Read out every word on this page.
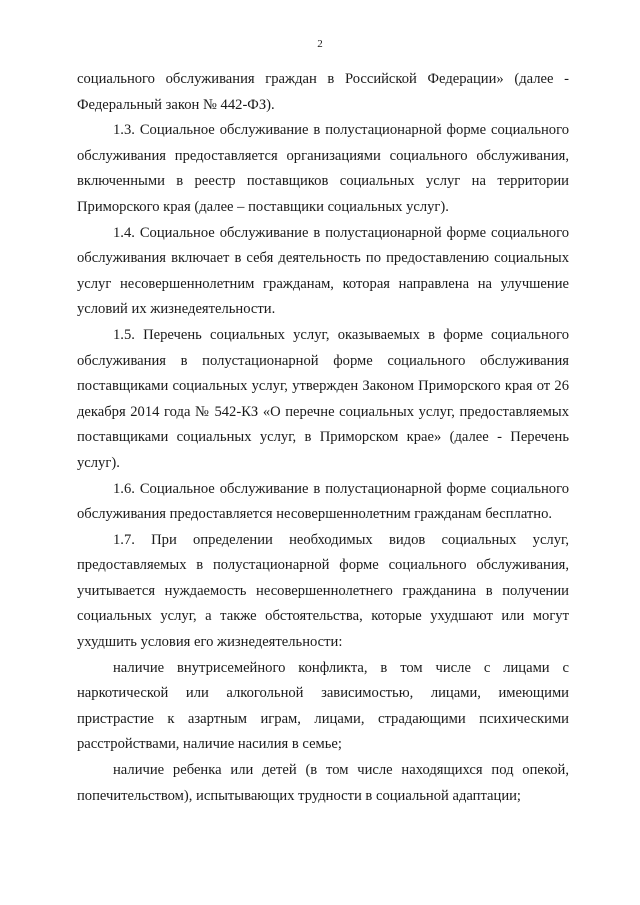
2

социального обслуживания граждан в Российской Федерации» (далее - Федеральный закон № 442-ФЗ).

1.3. Социальное обслуживание в полустационарной форме социального обслуживания предоставляется организациями социального обслуживания, включенными в реестр поставщиков социальных услуг на территории Приморского края (далее – поставщики социальных услуг).

1.4. Социальное обслуживание в полустационарной форме социального обслуживания включает в себя деятельность по предоставлению социальных услуг несовершеннолетним гражданам, которая направлена на улучшение условий их жизнедеятельности.

1.5. Перечень социальных услуг, оказываемых в форме социального обслуживания в полустационарной форме социального обслуживания поставщиками социальных услуг, утвержден Законом Приморского края от 26 декабря 2014 года № 542-КЗ «О перечне социальных услуг, предоставляемых поставщиками социальных услуг, в Приморском крае» (далее - Перечень услуг).

1.6. Социальное обслуживание в полустационарной форме социального обслуживания предоставляется несовершеннолетним гражданам бесплатно.

1.7. При определении необходимых видов социальных услуг, предоставляемых в полустационарной форме социального обслуживания, учитывается нуждаемость несовершеннолетнего гражданина в получении социальных услуг, а также обстоятельства, которые ухудшают или могут ухудшить условия его жизнедеятельности:

наличие внутрисемейного конфликта, в том числе с лицами с наркотической или алкогольной зависимостью, лицами, имеющими пристрастие к азартным играм, лицами, страдающими психическими расстройствами, наличие насилия в семье;

наличие ребенка или детей (в том числе находящихся под опекой, попечительством), испытывающих трудности в социальной адаптации;
